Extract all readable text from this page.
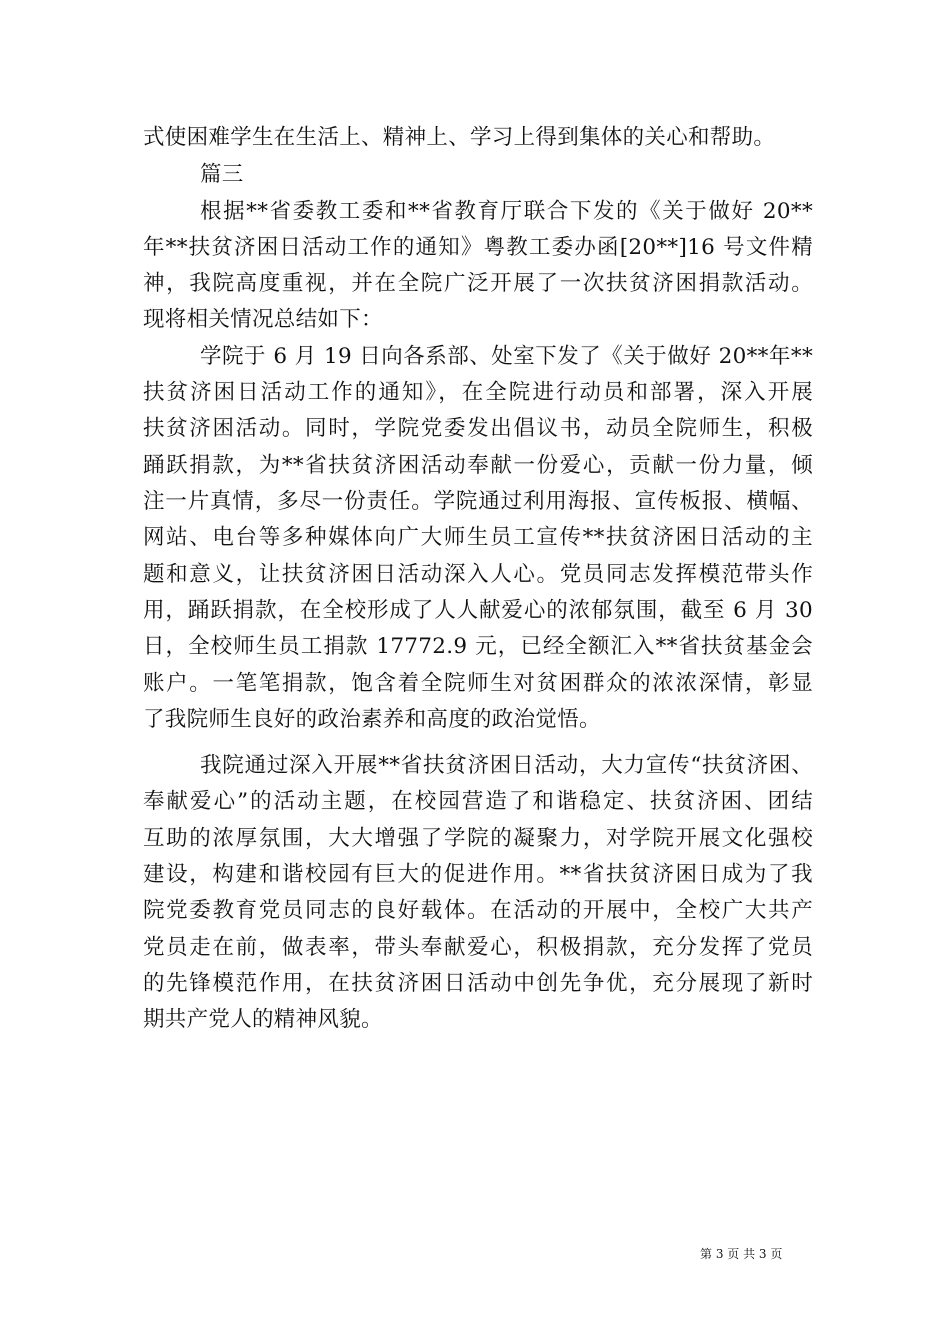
式使困难学生在生活上、精神上、学习上得到集体的关心和帮助。
篇三
根据**省委教工委和**省教育厅联合下发的《关于做好 20**
年**扶贫济困日活动工作的通知》粤教工委办函[20**]16 号文件精
神，我院高度重视，并在全院广泛开展了一次扶贫济困捐款活动。
现将相关情况总结如下：
学院于 6 月 19 日向各系部、处室下发了《关于做好 20**年**
扶贫济困日活动工作的通知》，在全院进行动员和部署，深入开展
扶贫济困活动。同时，学院党委发出倡议书，动员全院师生，积极
踊跃捐款，为**省扶贫济困活动奉献一份爱心，贡献一份力量，倾
注一片真情，多尽一份责任。学院通过利用海报、宣传板报、横幅、
网站、电台等多种媒体向广大师生员工宣传**扶贫济困日活动的主
题和意义，让扶贫济困日活动深入人心。党员同志发挥模范带头作
用，踊跃捐款，在全校形成了人人献爱心的浓郁氛围，截至 6 月 30
日，全校师生员工捐款 17772.9 元，已经全额汇入**省扶贫基金会
账户。一笔笔捐款，饱含着全院师生对贫困群众的浓浓深情，彰显
了我院师生良好的政治素养和高度的政治觉悟。
我院通过深入开展**省扶贫济困日活动，大力宣传“扶贫济困、
奉献爱心”的活动主题，在校园营造了和谐稳定、扶贫济困、团结
互助的浓厚氛围，大大增强了学院的凝聚力，对学院开展文化强校
建设，构建和谐校园有巨大的促进作用。**省扶贫济困日成为了我
院党委教育党员同志的良好载体。在活动的开展中，全校广大共产
党员走在前，做表率，带头奉献爱心，积极捐款，充分发挥了党员
的先锋模范作用，在扶贫济困日活动中创先争优，充分展现了新时
期共产党人的精神风貌。
第 3 页 共 3 页
